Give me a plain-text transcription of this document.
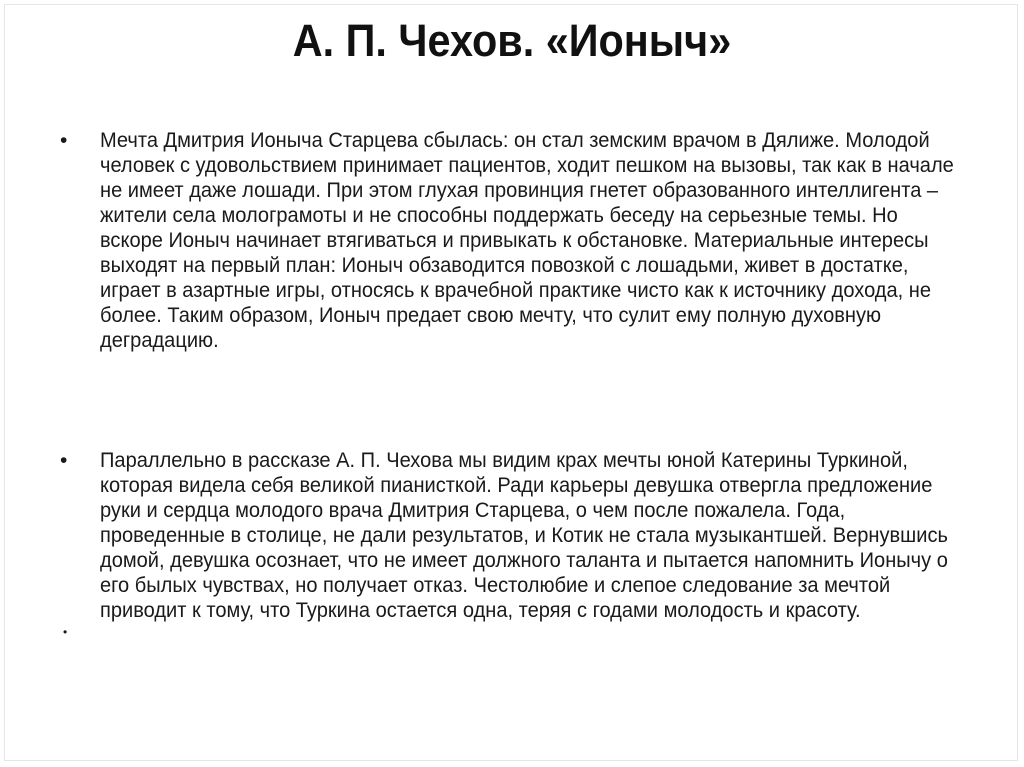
А. П. Чехов. «Ионыч»
• Мечта Дмитрия Ионыча Старцева сбылась: он стал земским врачом в Дялиже. Молодой человек с удовольствием принимает пациентов, ходит пешком на вызовы, так как в начале не имеет даже лошади. При этом глухая провинция гнетет образованного интеллигента – жители села мологрaмоты и не способны поддержать беседу на серьезные темы. Но вскоре Ионыч начинает втягиваться и привыкать к обстановке. Материальные интересы выходят на первый план: Ионыч обзаводится повозкой с лошадьми, живет в достатке, играет в азартные игры, относясь к врачебной практике чисто как к источнику дохода, не более. Таким образом, Ионыч предает свою мечту, что сулит ему полную духовную деградацию.
• Параллельно в рассказе А. П. Чехова мы видим крах мечты юной Катерины Туркиной, которая видела себя великой пианисткой. Ради карьеры девушка отвергла предложение руки и сердца молодого врача Дмитрия Старцева, о чем после пожалела. Года, проведенные в столице, не дали результатов, и Котик не стала музыкантшей. Вернувшись домой, девушка осознает, что не имеет должного таланта и пытается напомнить Ионычу о его былых чувствах, но получает отказ. Честолюбие и слепое следование за мечтой приводит к тому, что Туркина остается одна, теряя с годами молодость и красоту.
•
